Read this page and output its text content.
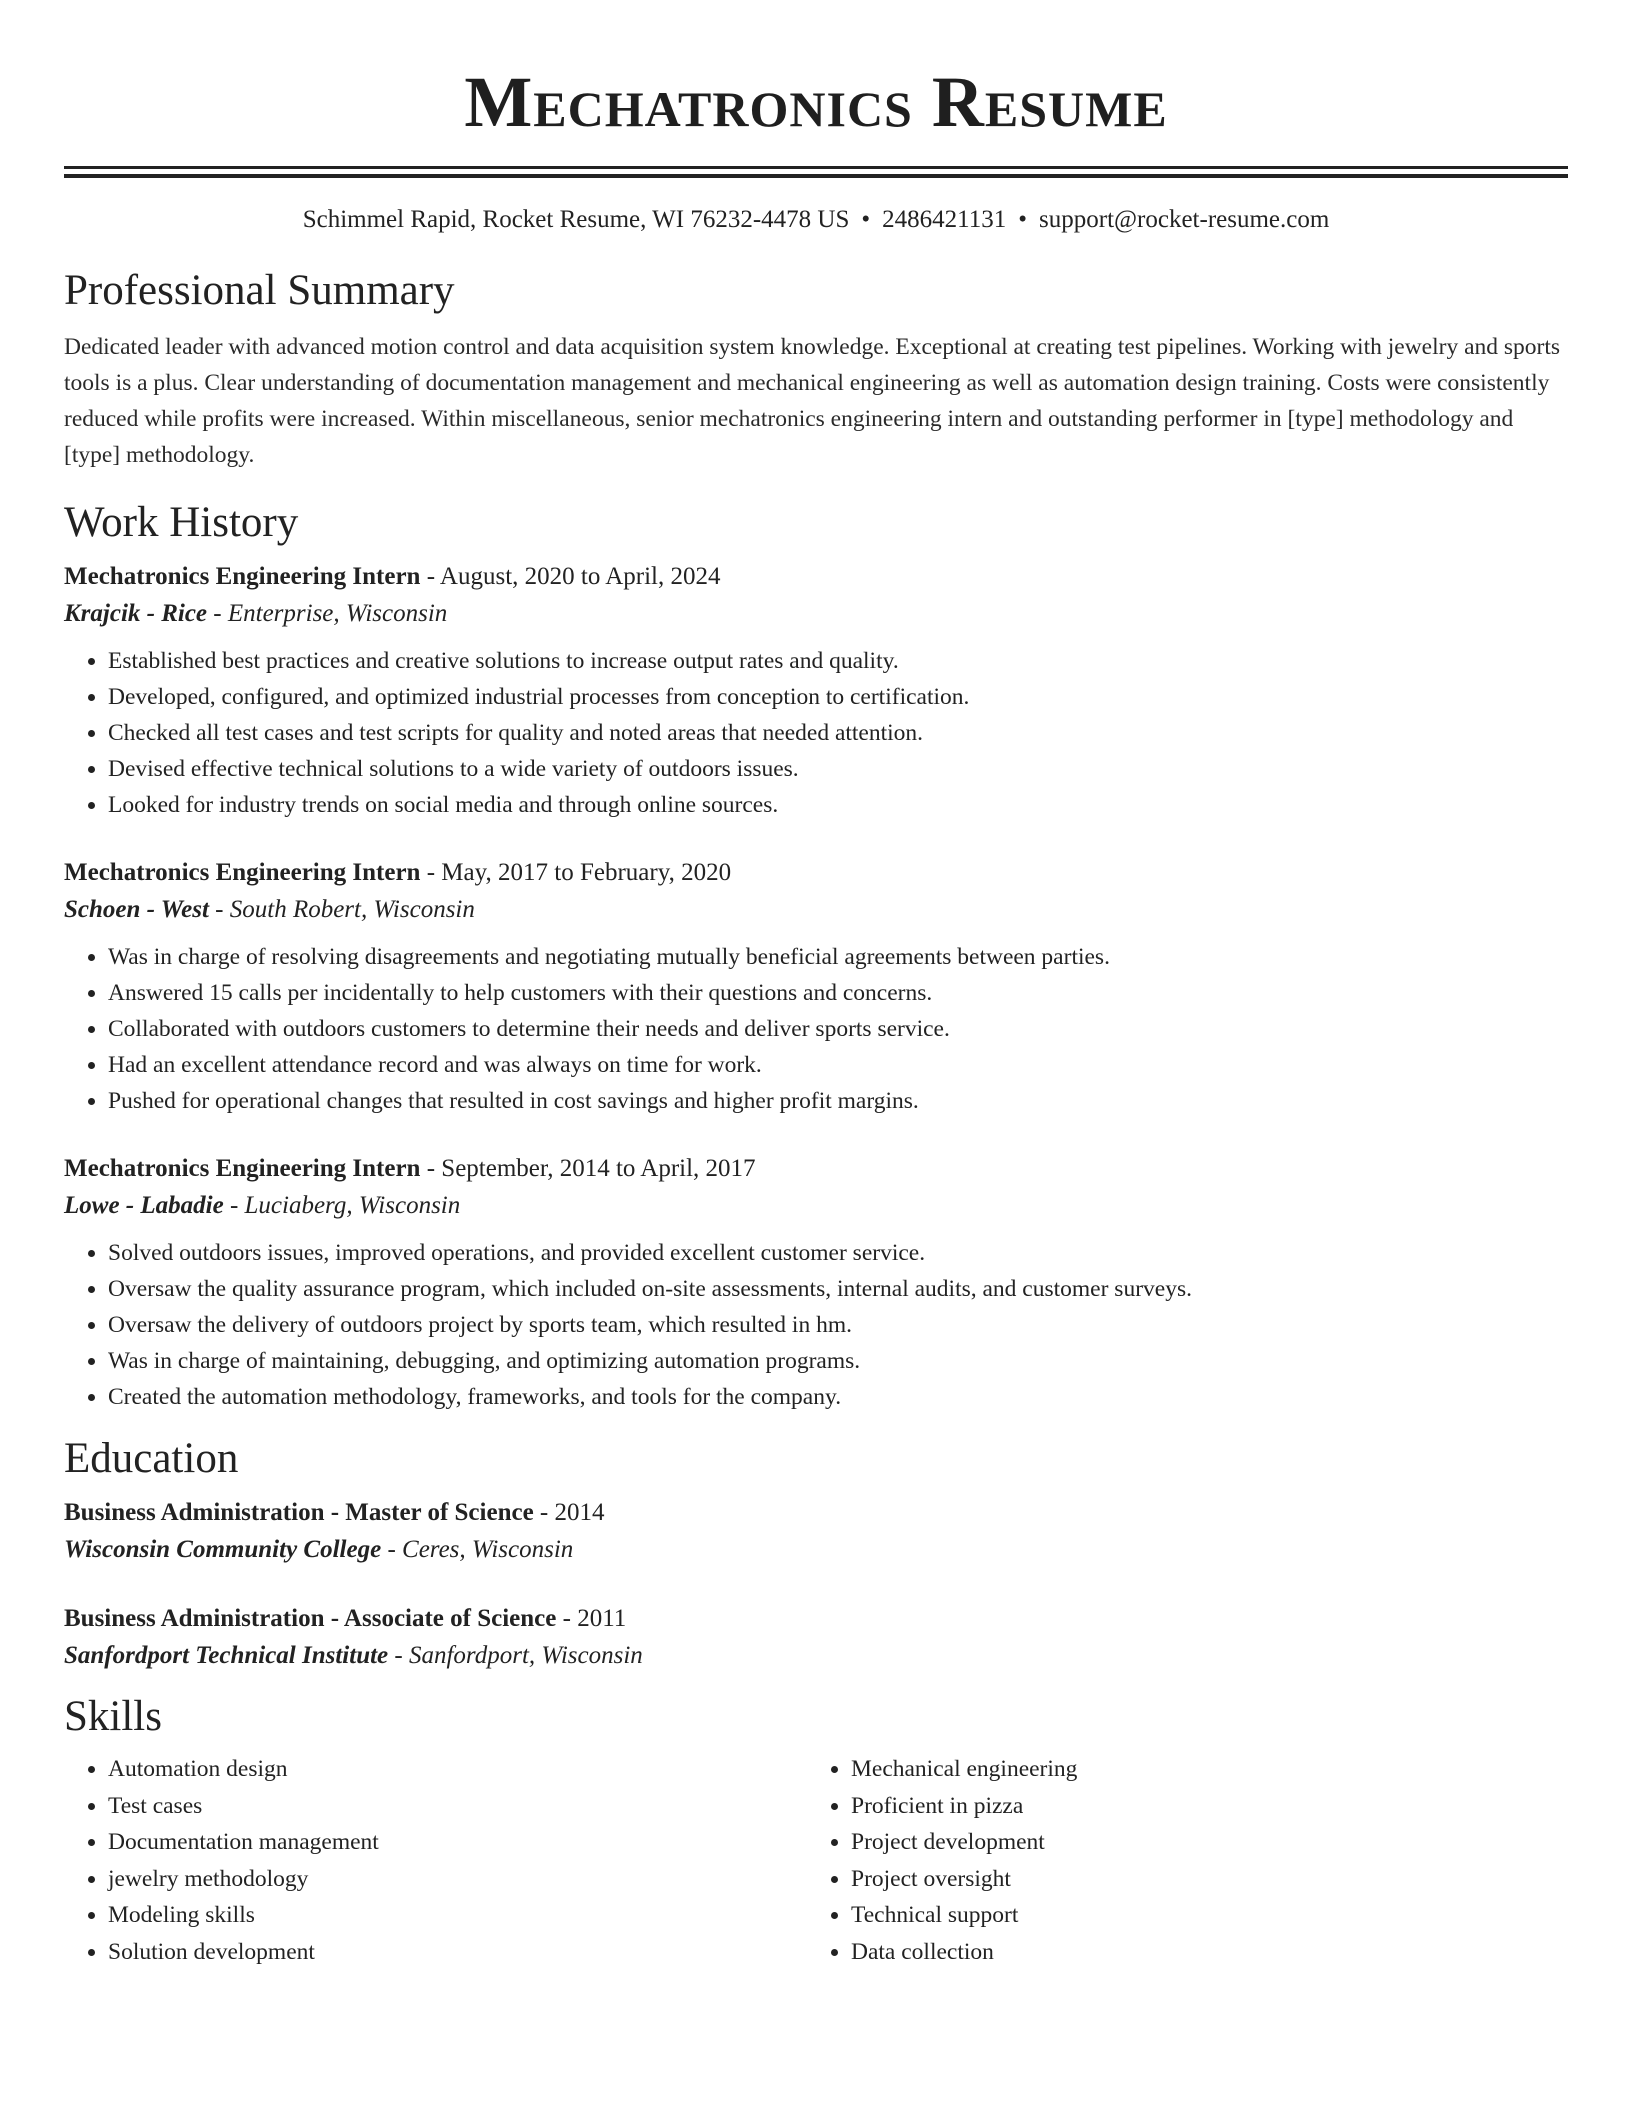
Mechatronics Resume
Schimmel Rapid, Rocket Resume, WI 76232-4478 US • 2486421131 • support@rocket-resume.com
Professional Summary

Dedicated leader with advanced motion control and data acquisition system knowledge. Exceptional at creating test pipelines. Working with jewelry and sports tools is a plus. Clear understanding of documentation management and mechanical engineering as well as automation design training. Costs were consistently reduced while profits were increased. Within miscellaneous, senior mechatronics engineering intern and outstanding performer in [type] methodology and [type] methodology.

Work History
Mechatronics Engineering Intern - August, 2020 to April, 2024
Krajcik - Rice - Enterprise, Wisconsin
• Established best practices and creative solutions to increase output rates and quality.
• Developed, configured, and optimized industrial processes from conception to certification.
• Checked all test cases and test scripts for quality and noted areas that needed attention.
• Devised effective technical solutions to a wide variety of outdoors issues.
• Looked for industry trends on social media and through online sources.
Mechatronics Engineering Intern - May, 2017 to February, 2020
Schoen - West - South Robert, Wisconsin
• Was in charge of resolving disagreements and negotiating mutually beneficial agreements between parties.
• Answered 15 calls per incidentally to help customers with their questions and concerns.
• Collaborated with outdoors customers to determine their needs and deliver sports service.
• Had an excellent attendance record and was always on time for work.
• Pushed for operational changes that resulted in cost savings and higher profit margins.
Mechatronics Engineering Intern - September, 2014 to April, 2017
Lowe - Labadie - Luciaberg, Wisconsin
• Solved outdoors issues, improved operations, and provided excellent customer service.
• Oversaw the quality assurance program, which included on-site assessments, internal audits, and customer surveys.
• Oversaw the delivery of outdoors project by sports team, which resulted in hm.
• Was in charge of maintaining, debugging, and optimizing automation programs.
• Created the automation methodology, frameworks, and tools for the company.
Education
Business Administration - Master of Science - 2014
Wisconsin Community College - Ceres, Wisconsin
Business Administration - Associate of Science - 2011
Sanfordport Technical Institute - Sanfordport, Wisconsin
Skills
• Automation design
• Test cases
• Documentation management
• jewelry methodology
• Modeling skills
• Solution development
• Mechanical engineering
• Proficient in pizza
• Project development
• Project oversight
• Technical support
• Data collection
